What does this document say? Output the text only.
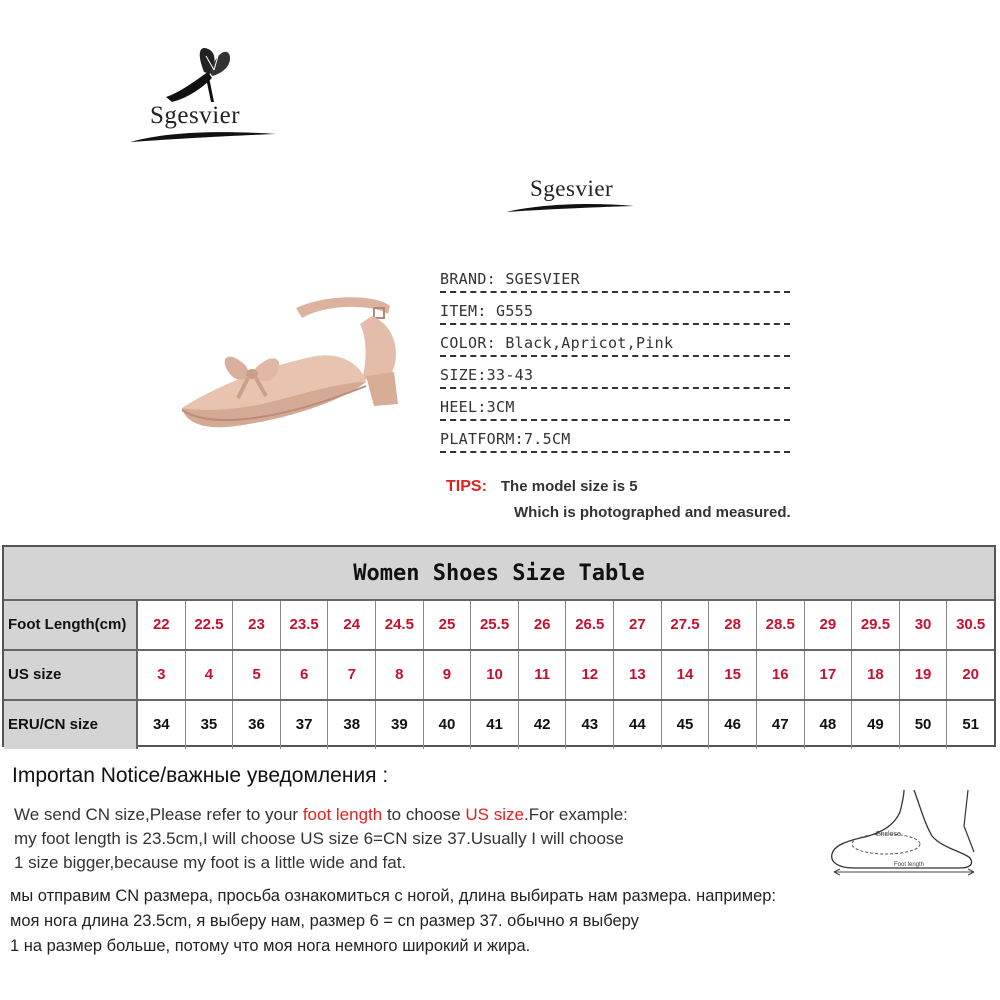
Sgesvier
Sgesvier
BRAND: SGESVIER
ITEM: G555
COLOR: Black,Apricot,Pink
SIZE:33-43
HEEL:3CM
PLATFORM:7.5CM
TIPS: The model size is 5
Which is photographed and measured.
Women Shoes Size Table
Foot Length(cm)	22	22.5	23	23.5	24	24.5	25	25.5	26	26.5	27	27.5	28	28.5	29	29.5	30	30.5
US size	3	4	5	6	7	8	9	10	11	12	13	14	15	16	17	18	19	20
ERU/CN size	34	35	36	37	38	39	40	41	42	43	44	45	46	47	48	49	50	51
Importan Notice/важные уведомления :
We send CN size,Please refer to your foot length to choose US size.For example:
my foot length is 23.5cm,I will choose US size 6=CN size 37.Usually I will choose
1 size bigger,because my foot is a little wide and fat.
мы отправим CN размера, просьба ознакомиться с ногой, длина выбирать нам размера. например:
моя нога длина 23.5cm, я выберу нам, размер 6 = cn размер 37. обычно я выберу
1 на размер больше, потому что моя нога немного широкий и жира.
Enclose
Foot length
